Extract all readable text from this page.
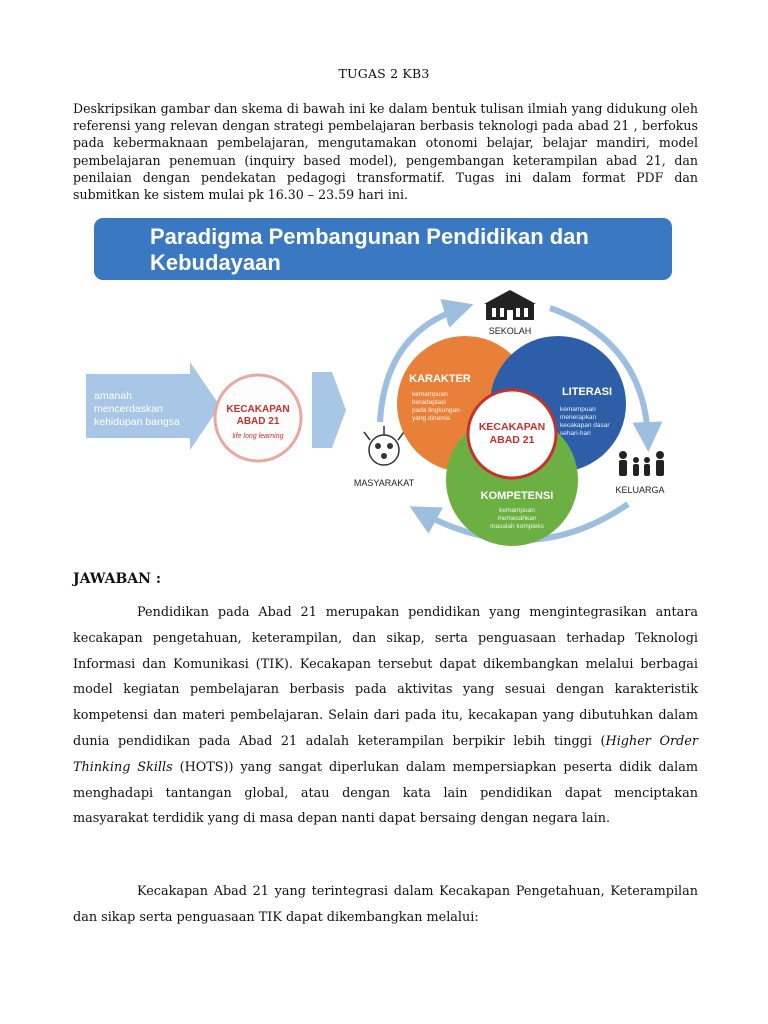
TUGAS 2 KB3

Deskripsikan gambar dan skema di bawah ini ke dalam bentuk tulisan ilmiah yang didukung oleh referensi yang relevan dengan strategi pembelajaran berbasis teknologi pada abad 21 , berfokus pada kebermaknaan pembelajaran, mengutamakan otonomi belajar, belajar mandiri, model pembelajaran penemuan (inquiry based model), pengembangan keterampilan abad 21, dan penilaian dengan pendekatan pedagogi transformatif. Tugas ini dalam format PDF dan submitkan ke sistem mulai pk 16.30 – 23.59 hari ini.

Paradigma Pembangunan Pendidikan dan
Kebudayaan
amanah
mencerdaskan
kehidupan bangsa
KECAKAPAN
ABAD 21
life long learning
SEKOLAH
MASYARAKAT
KELUARGA
KARAKTER
kemampuan
beradaptasi
pada lingkungan
yang dinamis
LITERASI
kemampuan
menerapkan
kecakapan dasar
sehari-hari
KOMPETENSI
kemampuan
memecahkan
masalah kompleks
KECAKAPAN
ABAD 21
JAWABAN :

Pendidikan pada Abad 21 merupakan pendidikan yang mengintegrasikan antara kecakapan pengetahuan, keterampilan, dan sikap, serta penguasaan terhadap Teknologi Informasi dan Komunikasi (TIK). Kecakapan tersebut dapat dikembangkan melalui berbagai model kegiatan pembelajaran berbasis pada aktivitas yang sesuai dengan karakteristik kompetensi dan materi pembelajaran. Selain dari pada itu, kecakapan yang dibutuhkan dalam dunia pendidikan pada Abad 21 adalah keterampilan berpikir lebih tinggi (Higher Order Thinking Skills (HOTS)) yang sangat diperlukan dalam mempersiapkan peserta didik dalam menghadapi tantangan global, atau dengan kata lain pendidikan dapat menciptakan masyarakat terdidik yang di masa depan nanti dapat bersaing dengan negara lain.

Kecakapan Abad 21 yang terintegrasi dalam Kecakapan Pengetahuan, Keterampilan dan sikap serta penguasaan TIK dapat dikembangkan melalui:
